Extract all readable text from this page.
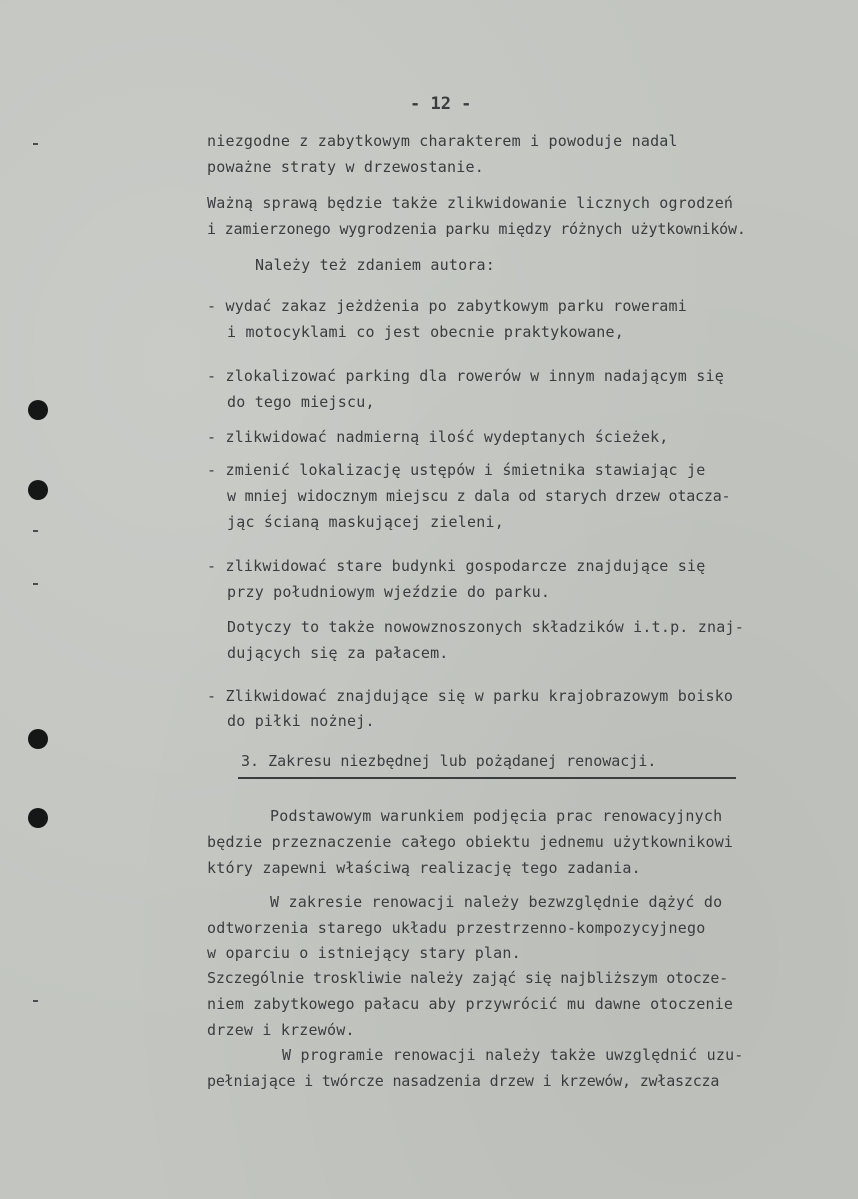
- 12 -
niezgodne z zabytkowym charakterem i powoduje nadal
poważne straty w drzewostanie.
Ważną sprawą będzie także zlikwidowanie licznych ogrodzeń
i zamierzonego wygrodzenia parku między różnych użytkowników.
Należy też zdaniem autora:
- wydać zakaz jeżdżenia po zabytkowym parku rowerami
i motocyklami co jest obecnie praktykowane,
- zlokalizować parking dla rowerów w innym nadającym się
do tego miejscu,
- zlikwidować nadmierną ilość wydeptanych ścieżek,
- zmienić lokalizację ustępów i śmietnika stawiając je
w mniej widocznym miejscu z dala od starych drzew otacza-
jąc ścianą maskującej zieleni,
- zlikwidować stare budynki gospodarcze znajdujące się
przy południowym wjeździe do parku.
Dotyczy to także nowowznoszonych składzików i.t.p. znaj-
dujących się za pałacem.
- Zlikwidować znajdujące się w parku krajobrazowym boisko
do piłki nożnej.
3. Zakresu niezbędnej lub pożądanej renowacji.
Podstawowym warunkiem podjęcia prac renowacyjnych
będzie przeznaczenie całego obiektu jednemu użytkownikowi
który zapewni właściwą realizację tego zadania.
W zakresie renowacji należy bezwzględnie dążyć do
odtworzenia starego układu przestrzenno-kompozycyjnego
w oparciu o istniejący stary plan.
Szczególnie troskliwie należy zająć się najbliższym otocze-
niem zabytkowego pałacu aby przywrócić mu dawne otoczenie
drzew i krzewów.
W programie renowacji należy także uwzględnić uzu-
pełniające i twórcze nasadzenia drzew i krzewów, zwłaszcza
